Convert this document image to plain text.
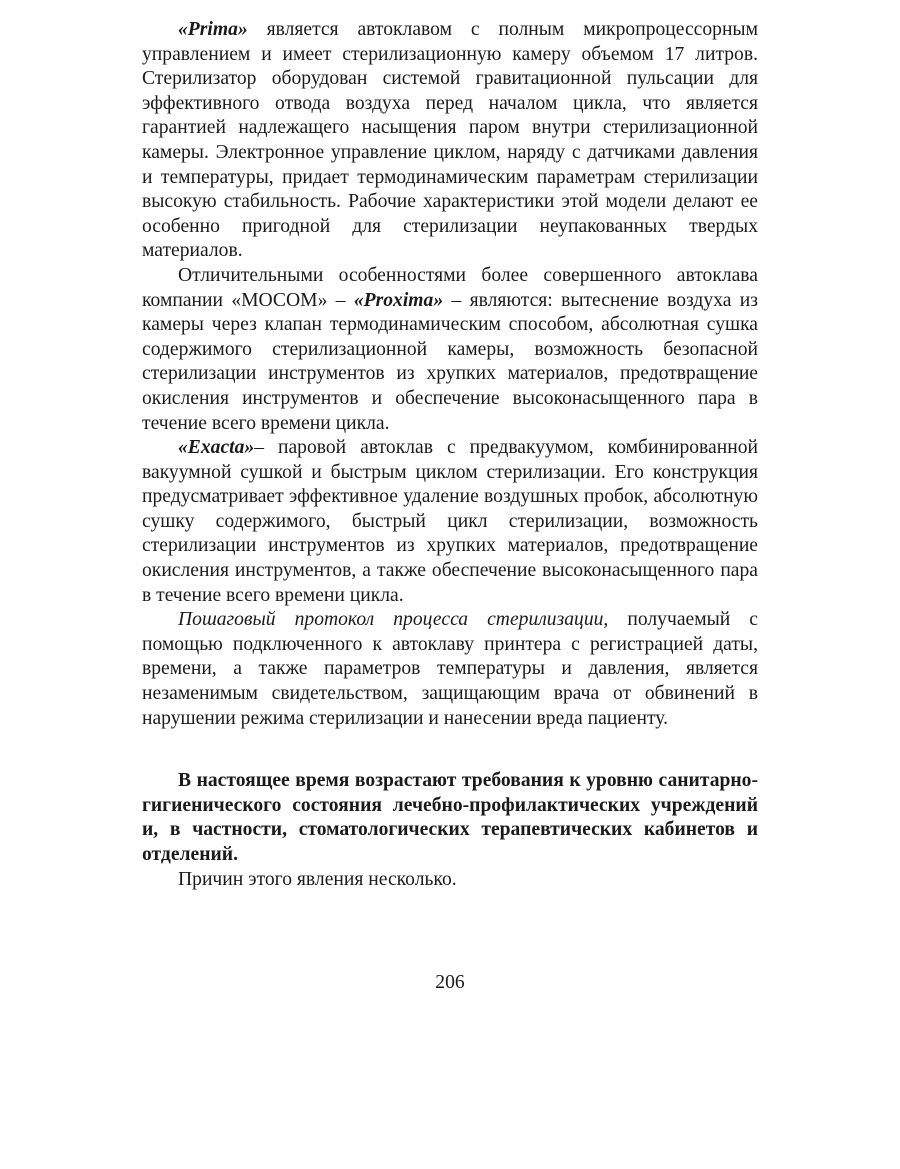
«Prima» является автоклавом с полным микропроцессорным управлением и имеет стерилизационную камеру объемом 17 литров. Стерилизатор оборудован системой гравитационной пульсации для эффективного отвода воздуха перед началом цикла, что является гарантией надлежащего насыщения паром внутри стерилизационной камеры. Электронное управление циклом, наряду с датчиками давления и температуры, придает термодинамическим параметрам стерилизации высокую стабильность. Рабочие характеристики этой модели делают ее особенно пригодной для стерилизации неупакованных твердых материалов.

Отличительными особенностями более совершенного автоклава компании «МОСОМ» – «Proxima» – являются: вытеснение воздуха из камеры через клапан термодинамическим способом, абсолютная сушка содержимого стерилизационной камеры, возможность безопасной стерилизации инструментов из хрупких материалов, предотвращение окисления инструментов и обеспечение высоконасыщенного пара в течение всего времени цикла.

«Exacta»– паровой автоклав с предвакуумом, комбинированной вакуумной сушкой и быстрым циклом стерилизации. Его конструкция предусматривает эффективное удаление воздушных пробок, абсолютную сушку содержимого, быстрый цикл стерилизации, возможность стерилизации инструментов из хрупких материалов, предотвращение окисления инструментов, а также обеспечение высоконасыщенного пара в течение всего времени цикла.

Пошаговый протокол процесса стерилизации, получаемый с помощью подключенного к автоклаву принтера с регистрацией даты, времени, а также параметров температуры и давления, является незаменимым свидетельством, защищающим врача от обвинений в нарушении режима стерилизации и нанесении вреда пациенту.

В настоящее время возрастают требования к уровню санитарно-гигиенического состояния лечебно-профилактических учреждений и, в частности, стоматологических терапевтических кабинетов и отделений.

Причин этого явления несколько.

206
